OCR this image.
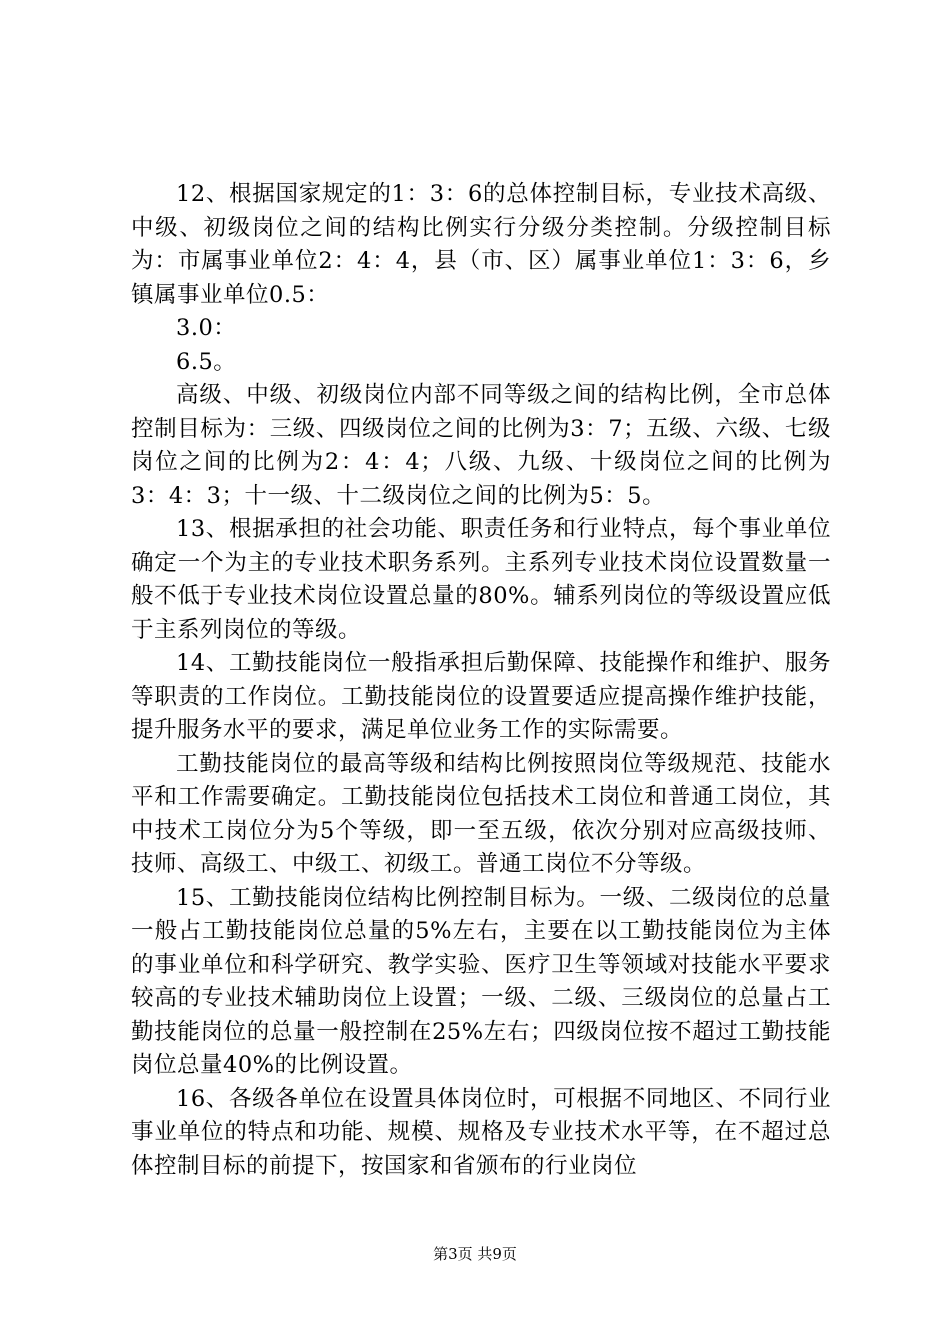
12、根据国家规定的1：3：6的总体控制目标，专业技术高级、中级、初级岗位之间的结构比例实行分级分类控制。分级控制目标为：市属事业单位2：4：4，县（市、区）属事业单位1：3：6，乡镇属事业单位0.5：

3.0：

6.5。

高级、中级、初级岗位内部不同等级之间的结构比例，全市总体控制目标为：三级、四级岗位之间的比例为3：7；五级、六级、七级岗位之间的比例为2：4：4；八级、九级、十级岗位之间的比例为3：4：3；十一级、十二级岗位之间的比例为5：5。

13、根据承担的社会功能、职责任务和行业特点，每个事业单位确定一个为主的专业技术职务系列。主系列专业技术岗位设置数量一般不低于专业技术岗位设置总量的80%。辅系列岗位的等级设置应低于主系列岗位的等级。

14、工勤技能岗位一般指承担后勤保障、技能操作和维护、服务等职责的工作岗位。工勤技能岗位的设置要适应提高操作维护技能，提升服务水平的要求，满足单位业务工作的实际需要。

工勤技能岗位的最高等级和结构比例按照岗位等级规范、技能水平和工作需要确定。工勤技能岗位包括技术工岗位和普通工岗位，其中技术工岗位分为5个等级，即一至五级，依次分别对应高级技师、技师、高级工、中级工、初级工。普通工岗位不分等级。

15、工勤技能岗位结构比例控制目标为。一级、二级岗位的总量一般占工勤技能岗位总量的5%左右，主要在以工勤技能岗位为主体的事业单位和科学研究、教学实验、医疗卫生等领域对技能水平要求较高的专业技术辅助岗位上设置；一级、二级、三级岗位的总量占工勤技能岗位的总量一般控制在25%左右；四级岗位按不超过工勤技能岗位总量40%的比例设置。

16、各级各单位在设置具体岗位时，可根据不同地区、不同行业事业单位的特点和功能、规模、规格及专业技术水平等，在不超过总体控制目标的前提下，按国家和省颁布的行业岗位

第3页 共9页
